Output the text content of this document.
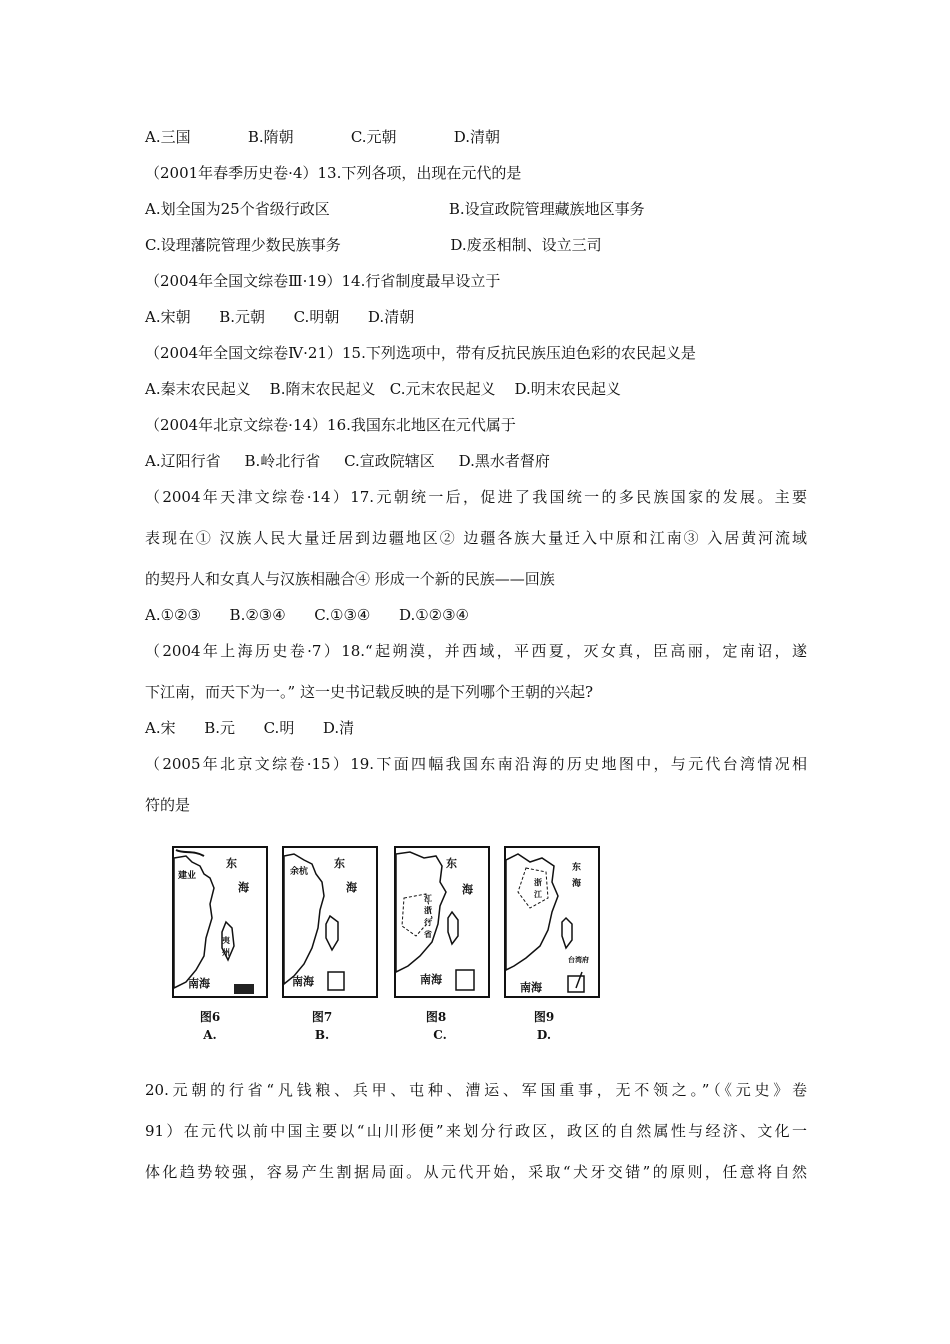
A.三国            B.隋朝            C.元朝            D.清朝
（2001年春季历史卷·4）13.下列各项，出现在元代的是
A.划全国为25个省级行政区                         B.设宣政院管理藏族地区事务
C.设理藩院管理少数民族事务                       D.废丞相制、设立三司
（2004年全国文综卷Ⅲ·19）14.行省制度最早设立于
A.宋朝      B.元朝      C.明朝      D.清朝
（2004年全国文综卷Ⅳ·21）15.下列选项中，带有反抗民族压迫色彩的农民起义是
A.秦末农民起义    B.隋末农民起义   C.元末农民起义    D.明末农民起义
（2004年北京文综卷·14）16.我国东北地区在元代属于
A.辽阳行省     B.岭北行省     C.宣政院辖区     D.黑水者督府
（2004年天津文综卷·14）17.元朝统一后，促进了我国统一的多民族国家的发展。主要
表现在① 汉族人民大量迁居到边疆地区② 边疆各族大量迁入中原和江南③ 入居黄河流域
的契丹人和女真人与汉族相融合④ 形成一个新的民族——回族
A.①②③      B.②③④      C.①③④      D.①②③④
（2004年上海历史卷·7）18.“起朔漠，并西域，平西夏，灭女真，臣高丽，定南诏，遂
下江南，而天下为一。” 这一史书记载反映的是下列哪个王朝的兴起?
A.宋      B.元      C.明      D.清
（2005年北京文综卷·15）19.下面四幅我国东南沿海的历史地图中，与元代台湾情况相
符的是
东
海
建业
夷州
南海
东
海
余杭
南海
东
海
江浙行省
南海
浙江
东
海
台湾府
南海
图6
A.
图7
B.
图8
C.
图9
D.
20.元朝的行省“凡钱粮、兵甲、屯种、漕运、军国重事，无不领之。”（《元史》卷
91）在元代以前中国主要以“山川形便”来划分行政区，政区的自然属性与经济、文化一
体化趋势较强，容易产生割据局面。从元代开始，采取“犬牙交错”的原则，任意将自然
